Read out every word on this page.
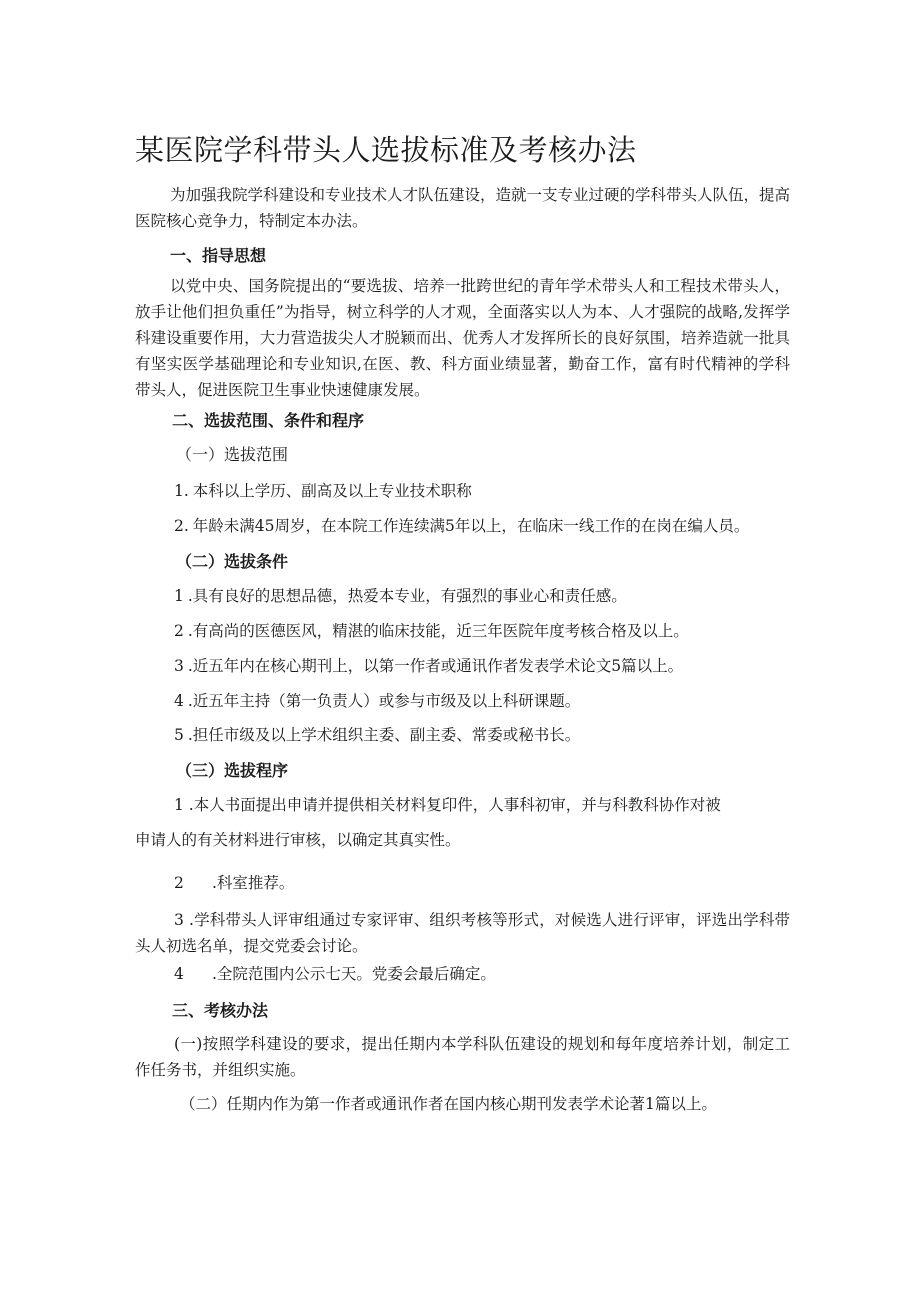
某医院学科带头人选拔标准及考核办法

为加强我院学科建设和专业技术人才队伍建设，造就一支专业过硬的学科带头人队伍，提高医院核心竞争力，特制定本办法。

一、指导思想

以党中央、国务院提出的“要选拔、培养一批跨世纪的青年学术带头人和工程技术带头人，放手让他们担负重任”为指导，树立科学的人才观，全面落实以人为本、人才强院的战略,发挥学科建设重要作用，大力营造拔尖人才脱颖而出、优秀人才发挥所长的良好氛围，培养造就一批具有坚实医学基础理论和专业知识,在医、教、科方面业绩显著，勤奋工作，富有时代精神的学科带头人，促进医院卫生事业快速健康发展。

二、选拔范围、条件和程序

（一）选拔范围

1. 本科以上学历、副高及以上专业技术职称

2. 年龄未满45周岁，在本院工作连续满5年以上，在临床一线工作的在岗在编人员。

（二）选拔条件

1 .具有良好的思想品德，热爱本专业，有强烈的事业心和责任感。

2 .有高尚的医德医风，精湛的临床技能，近三年医院年度考核合格及以上。

3 .近五年内在核心期刊上，以第一作者或通讯作者发表学术论文5篇以上。

4 .近五年主持（第一负责人）或参与市级及以上科研课题。

5 .担任市级及以上学术组织主委、副主委、常委或秘书长。

（三）选拔程序

1 .本人书面提出申请并提供相关材料复印件，人事科初审，并与科教科协作对被

申请人的有关材料进行审核，以确定其真实性。

2 .科室推荐。

3 .学科带头人评审组通过专家评审、组织考核等形式，对候选人进行评审，评选出学科带头人初选名单，提交党委会讨论。

4 .全院范围内公示七天。党委会最后确定。

三、考核办法

(一)按照学科建设的要求，提出任期内本学科队伍建设的规划和每年度培养计划，制定工作任务书，并组织实施。

（二）任期内作为第一作者或通讯作者在国内核心期刊发表学术论著1篇以上。
